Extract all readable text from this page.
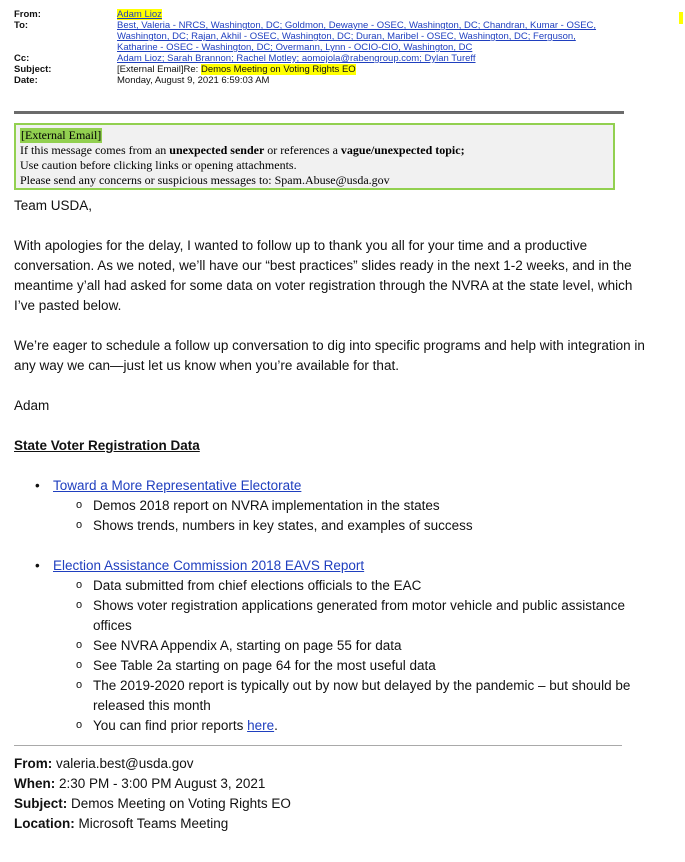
From:	Adam Lioz
To:	Best, Valeria - NRCS, Washington, DC; Goldmon, Dewayne - OSEC, Washington, DC; Chandran, Kumar - OSEC,
Washington, DC; Rajan, Akhil - OSEC, Washington, DC; Duran, Maribel - OSEC, Washington, DC; Ferguson,
Katharine - OSEC - Washington, DC; Overmann, Lynn - OCIO-CIO, Washington, DC
Cc:	Adam Lioz; Sarah Brannon; Rachel Motley; aomojola@rabengroup.com; Dylan Tureff
Subject:	[External Email]Re: Demos Meeting on Voting Rights EO
Date:	Monday, August 9, 2021 6:59:03 AM
[External Email]
If this message comes from an unexpected sender or references a vague/unexpected topic;
Use caution before clicking links or opening attachments.
Please send any concerns or suspicious messages to: Spam.Abuse@usda.gov

Team USDA,

With apologies for the delay, I wanted to follow up to thank you all for your time and a productive conversation. As we noted, we’ll have our “best practices” slides ready in the next 1-2 weeks, and in the meantime y’all had asked for some data on voter registration through the NVRA at the state level, which I’ve pasted below.

We’re eager to schedule a follow up conversation to dig into specific programs and help with integration in any way we can—just let us know when you’re available for that.

Adam

State Voter Registration Data

• Toward a More Representative Electorate
o Demos 2018 report on NVRA implementation in the states
o Shows trends, numbers in key states, and examples of success
• Election Assistance Commission 2018 EAVS Report
o Data submitted from chief elections officials to the EAC
o Shows voter registration applications generated from motor vehicle and public assistance offices
o See NVRA Appendix A, starting on page 55 for data
o See Table 2a starting on page 64 for the most useful data
o The 2019-2020 report is typically out by now but delayed by the pandemic – but should be released this month
o You can find prior reports here.
From: valeria.best@usda.gov
When: 2:30 PM - 3:00 PM August 3, 2021
Subject: Demos Meeting on Voting Rights EO
Location: Microsoft Teams Meeting
